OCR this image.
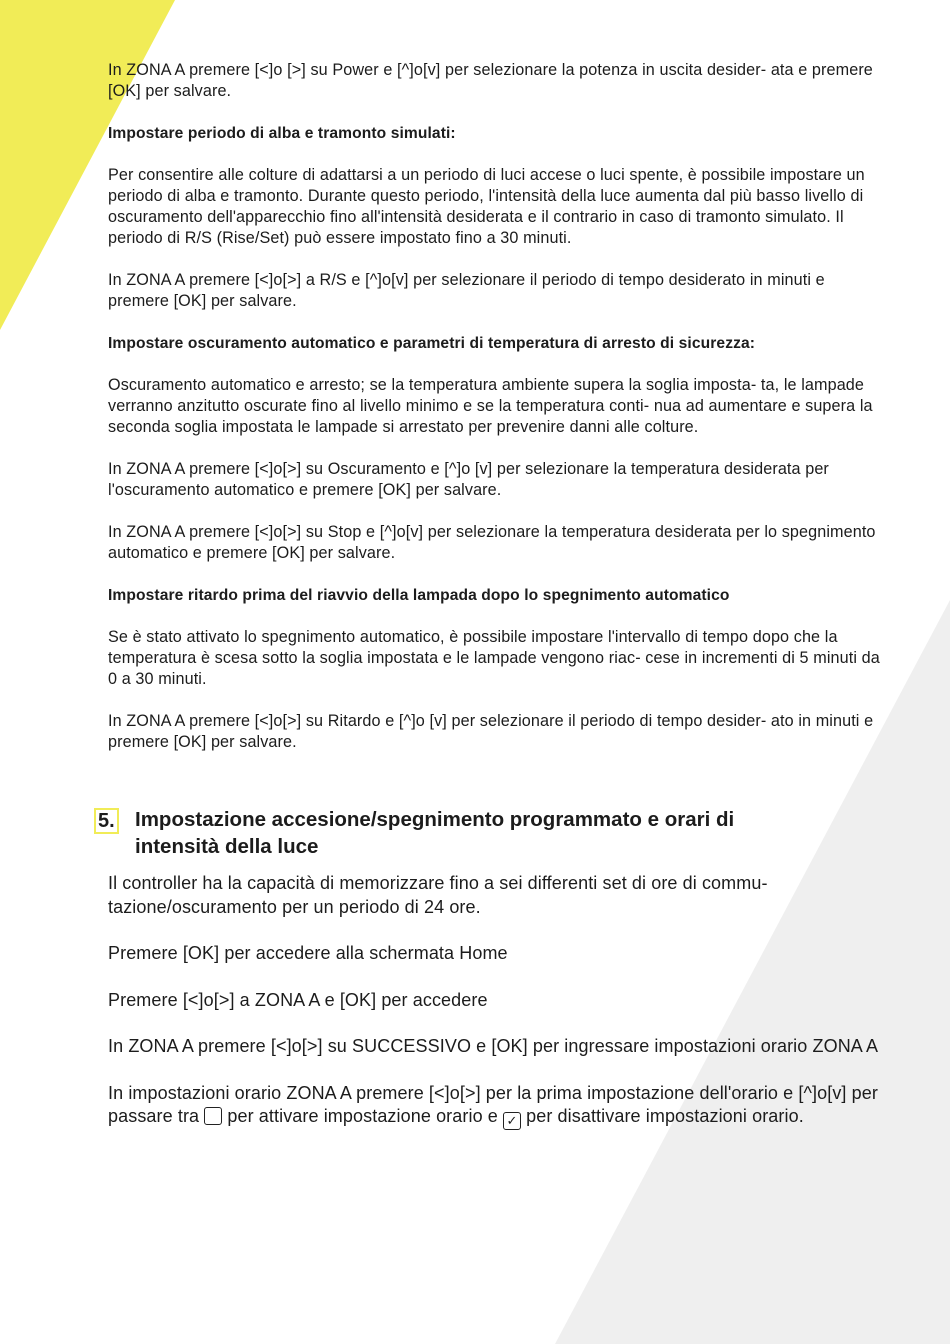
In ZONA A premere [<]o [>] su Power e [^]o[v] per selezionare la potenza in uscita desider- ata e premere [OK] per salvare.

Impostare periodo di alba e tramonto simulati:

Per consentire alle colture di adattarsi a un periodo di luci accese o luci spente, è possibile impostare un periodo di alba e tramonto. Durante questo periodo, l'intensità della luce aumenta dal più basso livello di oscuramento dell'apparecchio fino all'intensità desiderata e il contrario in caso di tramonto simulato. Il periodo di R/S (Rise/Set) può essere impostato fino a 30 minuti.

In ZONA A premere [<]o[>] a R/S e [^]o[v] per selezionare il periodo di tempo desiderato in minuti e premere [OK] per salvare.

Impostare oscuramento automatico e parametri di temperatura di arresto di sicurezza:

Oscuramento automatico e arresto; se la temperatura ambiente supera la soglia imposta- ta, le lampade verranno anzitutto oscurate fino al livello minimo e se la temperatura conti- nua ad aumentare e supera la seconda soglia impostata le lampade si arrestato per prevenire danni alle colture.

In ZONA A premere [<]o[>] su Oscuramento e [^]o [v] per selezionare la temperatura desiderata per l'oscuramento automatico e premere [OK] per salvare.

In ZONA A premere [<]o[>] su Stop e [^]o[v] per selezionare la temperatura desiderata per lo spegnimento automatico e premere [OK] per salvare.

Impostare ritardo prima del riavvio della lampada dopo lo spegnimento automatico

Se è stato attivato lo spegnimento automatico, è possibile impostare l'intervallo di tempo dopo che la temperatura è scesa sotto la soglia impostata e le lampade vengono riac- cese in incrementi di 5 minuti da 0 a 30 minuti.

In ZONA A premere [<]o[>] su Ritardo e [^]o [v] per selezionare il periodo di tempo desider- ato in minuti e premere [OK] per salvare.

5. Impostazione accesione/spegnimento programmato e orari di intensità della luce

Il controller ha la capacità di memorizzare fino a sei differenti set di ore di commu- tazione/oscuramento per un periodo di 24 ore.

Premere [OK] per accedere alla schermata Home

Premere [<]o[>] a ZONA A e [OK] per accedere

In ZONA A premere [<]o[>] su SUCCESSIVO e [OK] per ingressare impostazioni orario ZONA A

In impostazioni orario ZONA A premere [<]o[>] per la prima impostazione dell'orario e [^]o[v] per passare tra  per attivare impostazione orario e ✓ per disattivare impostazioni orario.
